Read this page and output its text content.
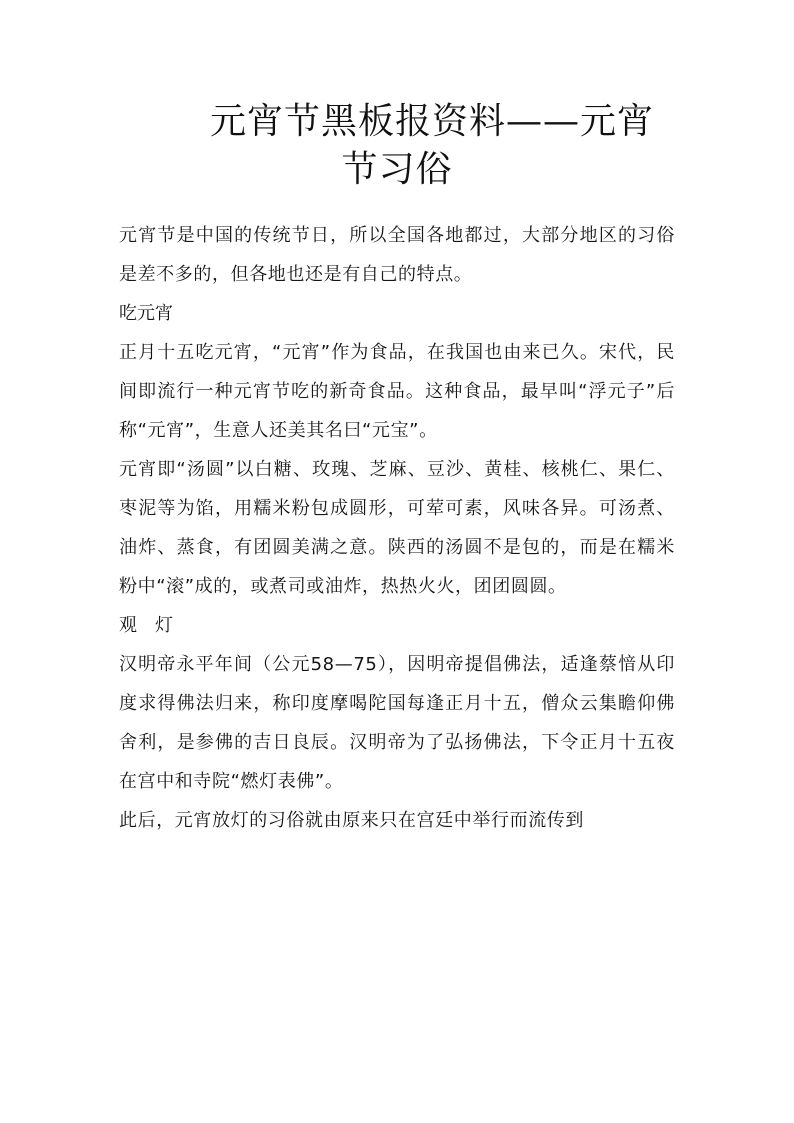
元宵节黑板报资料——元宵
节习俗

元宵节是中国的传统节日，所以全国各地都过，大部分地区的习俗是差不多的，但各地也还是有自己的特点。

吃元宵

正月十五吃元宵，“元宵”作为食品，在我国也由来已久。宋代，民间即流行一种元宵节吃的新奇食品。这种食品，最早叫“浮元子”后称“元宵”，生意人还美其名曰“元宝”。

元宵即“汤圆”以白糖、玫瑰、芝麻、豆沙、黄桂、核桃仁、果仁、枣泥等为馅，用糯米粉包成圆形，可荤可素，风味各异。可汤煮、油炸、蒸食，有团圆美满之意。陕西的汤圆不是包的，而是在糯米粉中“滚”成的，或煮司或油炸，热热火火，团团圆圆。

观灯

汉明帝永平年间（公元58—75），因明帝提倡佛法，适逢蔡愔从印度求得佛法归来，称印度摩喝陀国每逢正月十五，僧众云集瞻仰佛舍利，是参佛的吉日良辰。汉明帝为了弘扬佛法，下令正月十五夜在宫中和寺院“燃灯表佛”。

此后，元宵放灯的习俗就由原来只在宫廷中举行而流传到
